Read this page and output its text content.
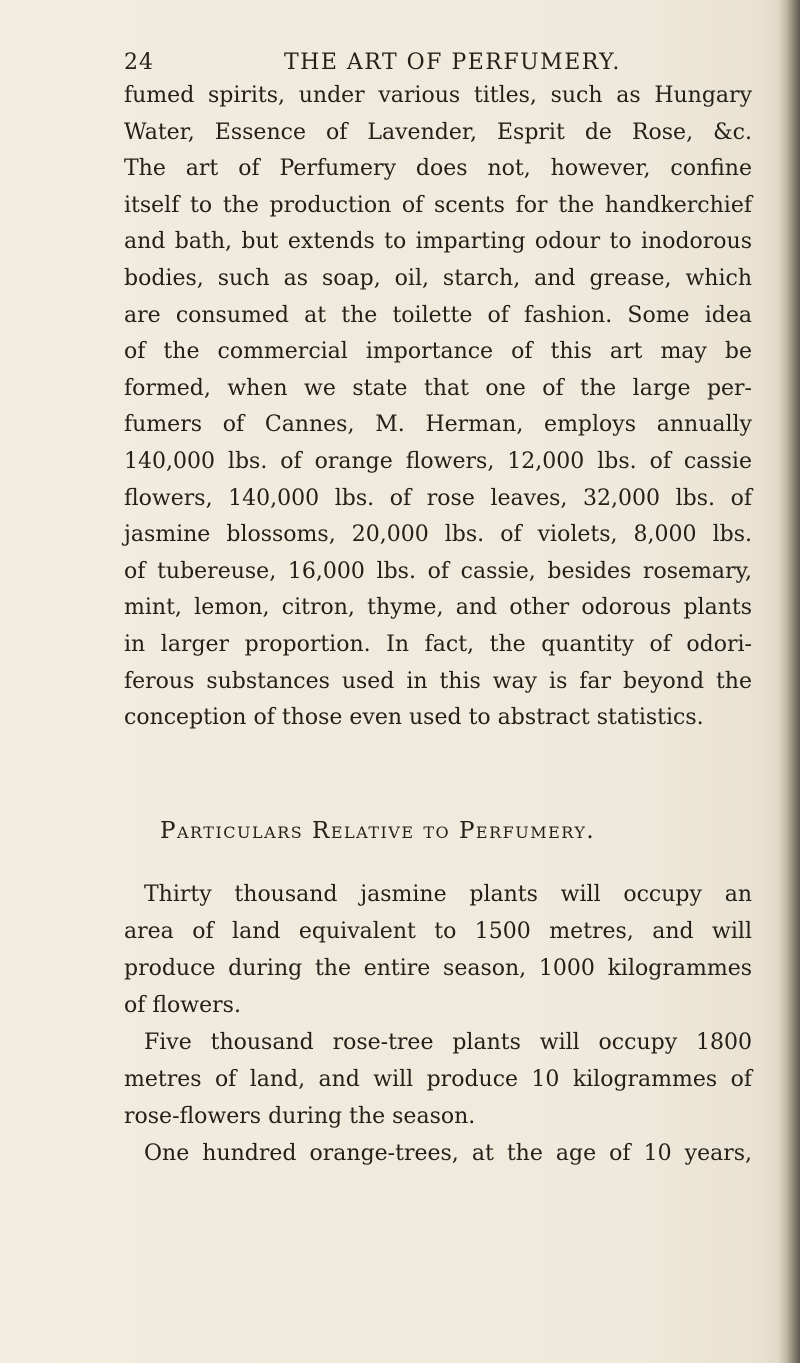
24	THE ART OF PERFUMERY.
fumed spirits, under various titles, such as Hungary
Water, Essence of Lavender, Esprit de Rose, &c.
The art of Perfumery does not, however, confine
itself to the production of scents for the handkerchief
and bath, but extends to imparting odour to inodorous
bodies, such as soap, oil, starch, and grease, which
are consumed at the toilette of fashion. Some idea
of the commercial importance of this art may be
formed, when we state that one of the large per-
fumers of Cannes, M. Herman, employs annually
140,000 lbs. of orange flowers, 12,000 lbs. of cassie
flowers, 140,000 lbs. of rose leaves, 32,000 lbs. of
jasmine blossoms, 20,000 lbs. of violets, 8,000 lbs.
of tubereuse, 16,000 lbs. of cassie, besides rosemary,
mint, lemon, citron, thyme, and other odorous plants
in larger proportion. In fact, the quantity of odori-
ferous substances used in this way is far beyond the
conception of those even used to abstract statistics.
Particulars Relative to Perfumery.
Thirty thousand jasmine plants will occupy an
area of land equivalent to 1500 metres, and will
produce during the entire season, 1000 kilogrammes
of flowers.
Five thousand rose-tree plants will occupy 1800
metres of land, and will produce 10 kilogrammes of
rose-flowers during the season.
One hundred orange-trees, at the age of 10 years,
